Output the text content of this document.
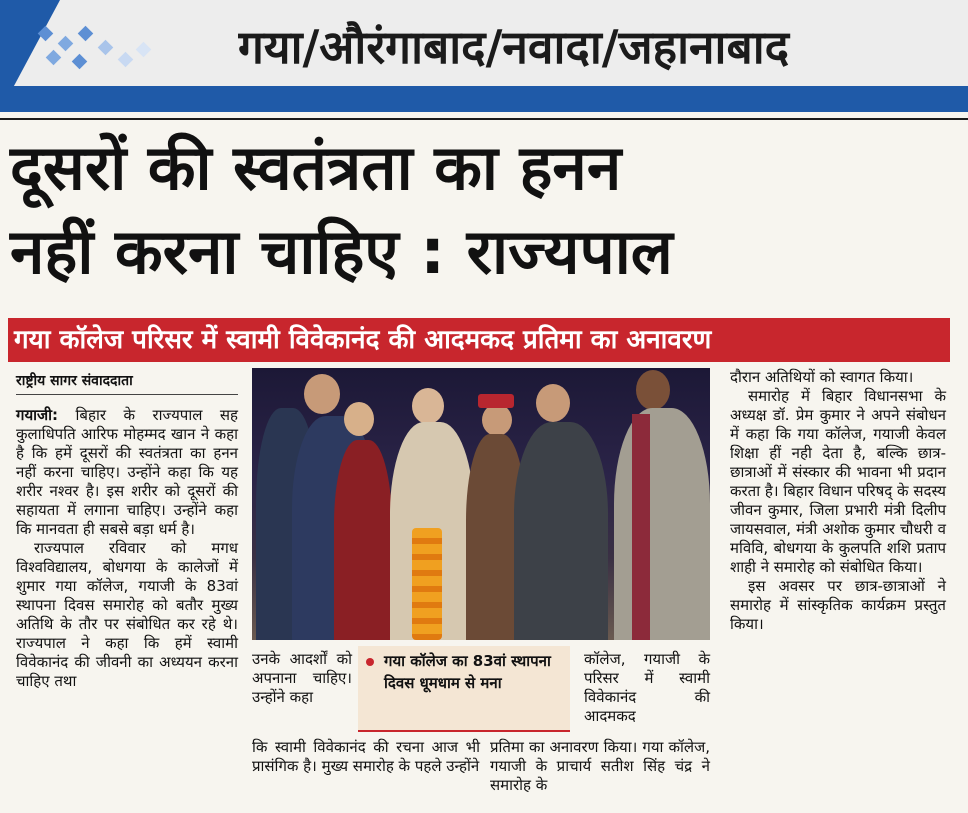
गया/औरंगाबाद/नवादा/जहानाबाद
दूसरों की स्वतंत्रता का हनन
नहीं करना चाहिए : राज्यपाल
गया कॉलेज परिसर में स्वामी विवेकानंद की आदमकद प्रतिमा का अनावरण
राष्ट्रीय सागर संवाददाता

गयाजी: बिहार के राज्यपाल सह कुलाधिपति आरिफ मोहम्मद खान ने कहा है कि हमें दूसरों की स्वतंत्रता का हनन नहीं करना चाहिए। उन्होंने कहा कि यह शरीर नश्वर है। इस शरीर को दूसरों की सहायता में लगाना चाहिए। उन्होंने कहा कि मानवता ही सबसे बड़ा धर्म है।

राज्यपाल रविवार को मगध विश्वविद्यालय, बोधगया के कालेजों में शुमार गया कॉलेज, गयाजी के 83वां स्थापना दिवस समारोह को बतौर मुख्य अतिथि के तौर पर संबोधित कर रहे थे। राज्यपाल ने कहा कि हमें स्वामी विवेकानंद की जीवनी का अध्ययन करना चाहिए तथा

उनके आदर्शों को अपनाना चाहिए। उन्होंने कहा
कि स्वामी विवेकानंद की रचना आज भी प्रासंगिक है। मुख्य समारोह के पहले उन्होंने
गया कॉलेज का 83वां स्थापना दिवस धूमधाम से मना
कॉलेज, गयाजी के परिसर में स्वामी विवेकानंद की आदमकद
प्रतिमा का अनावरण किया। गया कॉलेज, गयाजी के प्राचार्य सतीश सिंह चंद्र ने समारोह के

दौरान अतिथियों को स्वागत किया।

समारोह में बिहार विधानसभा के अध्यक्ष डॉ. प्रेम कुमार ने अपने संबोधन में कहा कि गया कॉलेज, गयाजी केवल शिक्षा हीं नही देता है, बल्कि छात्र-छात्राओं में संस्कार की भावना भी प्रदान करता है। बिहार विधान परिषद् के सदस्य जीवन कुमार, जिला प्रभारी मंत्री दिलीप जायसवाल, मंत्री अशोक कुमार चौधरी व मविवि, बोधगया के कुलपति शशि प्रताप शाही ने समारोह को संबोधित किया।

इस अवसर पर छात्र-छात्राओं ने समारोह में सांस्कृतिक कार्यक्रम प्रस्तुत किया।
